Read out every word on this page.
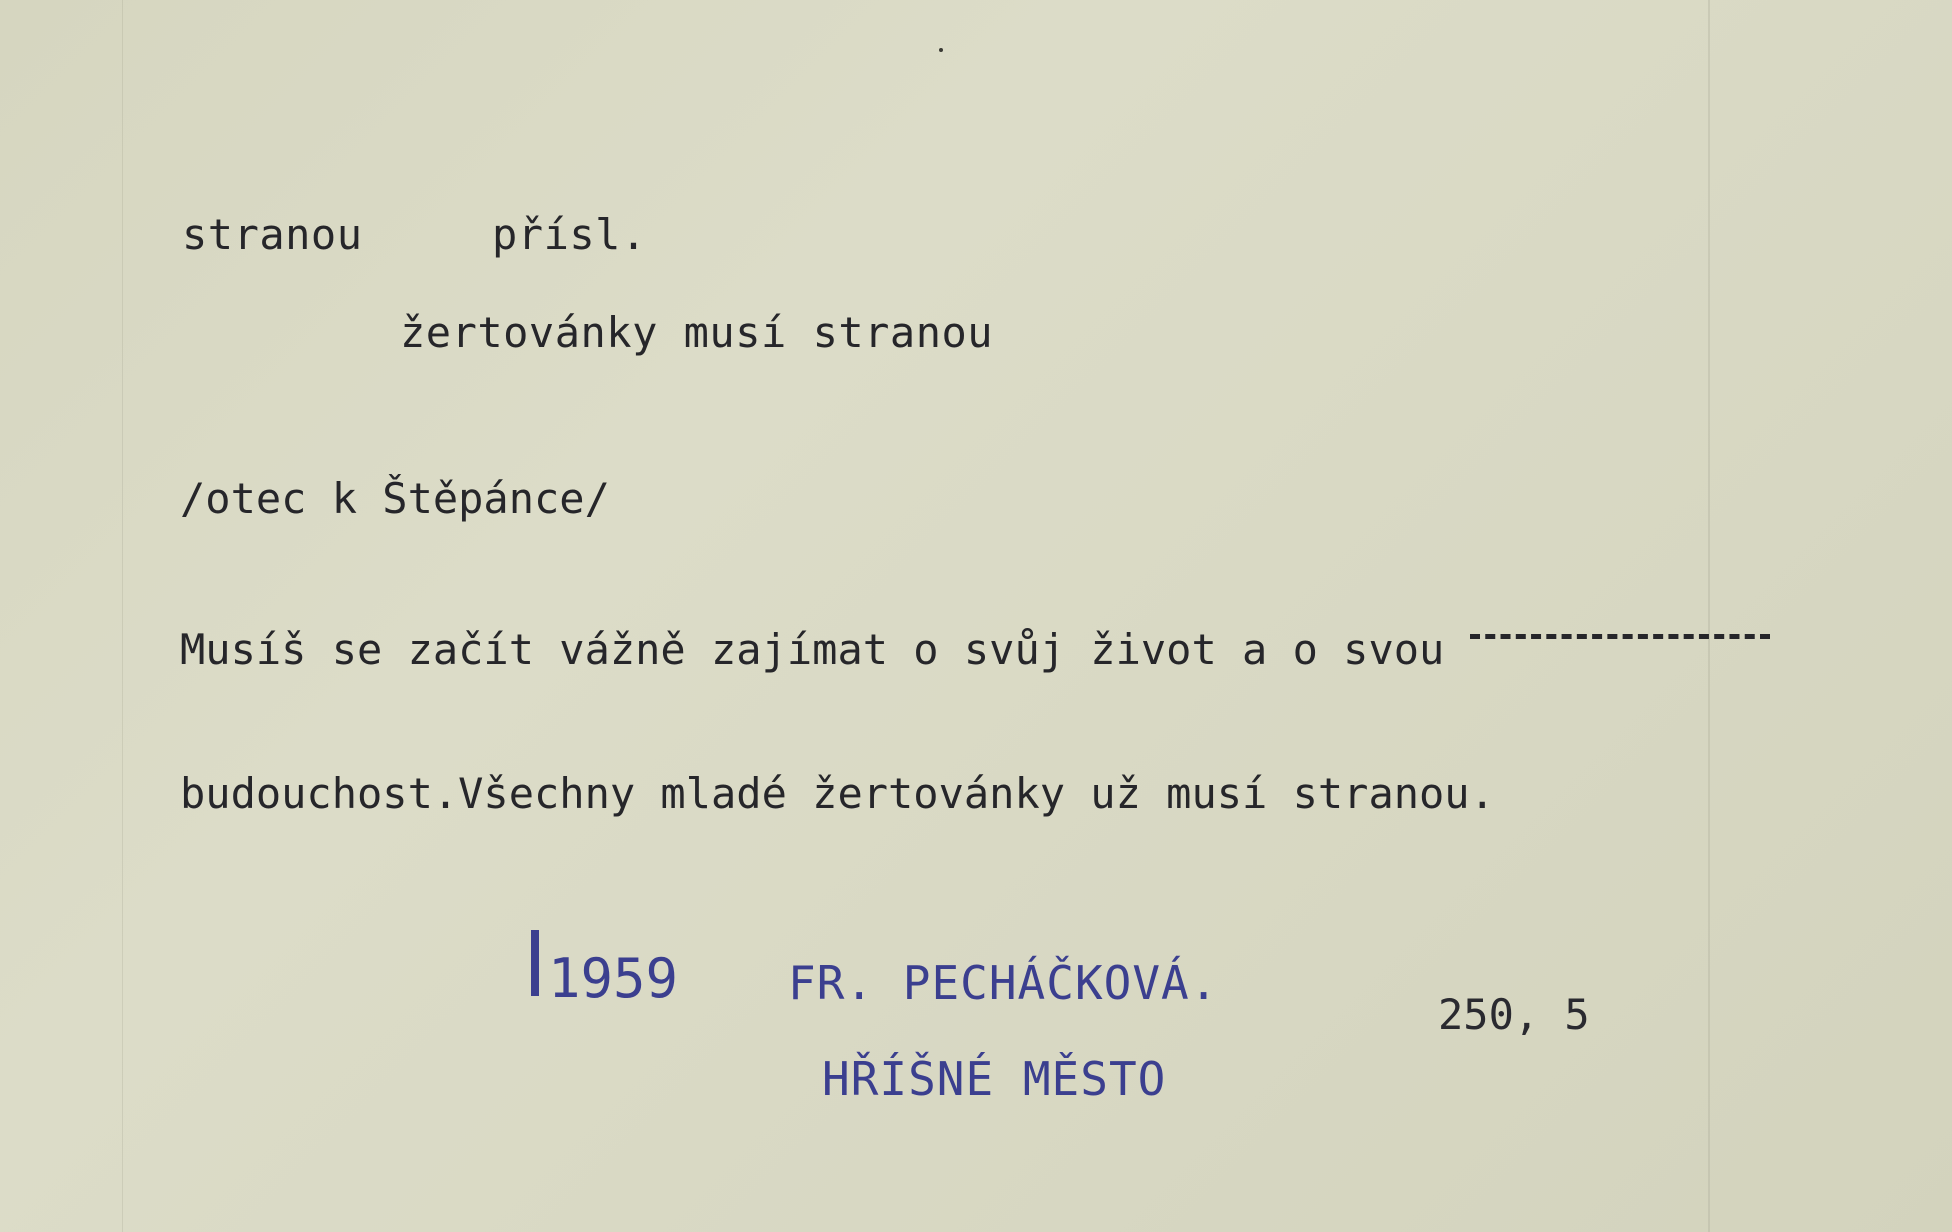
stranou	přísl.
žertovánky musí stranou
/otec k Štěpánce/

Musíš se začít vážně zajímat o svůj život a o svou

budouchost.Všechny mladé žertovánky už musí stranou.

1959 FR. PECHÁČKOVÁ.
HŘÍŠNÉ MĚSTO
250, 5
